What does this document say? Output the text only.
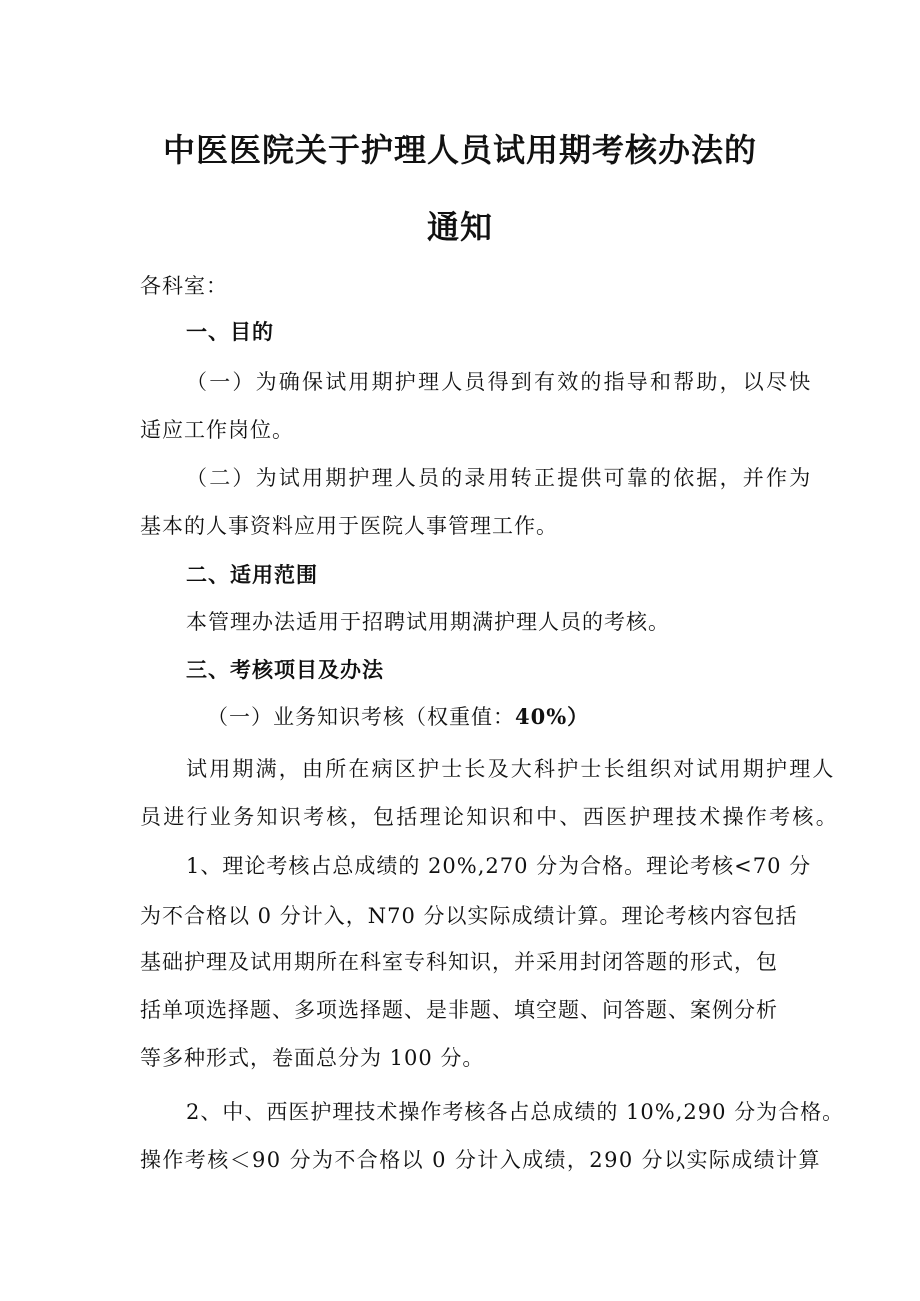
中医医院关于护理人员试用期考核办法的
通知
各科室：
一、目的
（一）为确保试用期护理人员得到有效的指导和帮助，以尽快
适应工作岗位。
（二）为试用期护理人员的录用转正提供可靠的依据，并作为
基本的人事资料应用于医院人事管理工作。
二、适用范围
本管理办法适用于招聘试用期满护理人员的考核。
三、考核项目及办法
（一）业务知识考核（权重值：40%）
试用期满，由所在病区护士长及大科护士长组织对试用期护理人
员进行业务知识考核，包括理论知识和中、西医护理技术操作考核。
1、理论考核占总成绩的 20%,270 分为合格。理论考核<70 分
为不合格以 0 分计入，N70 分以实际成绩计算。理论考核内容包括
基础护理及试用期所在科室专科知识，并采用封闭答题的形式，包
括单项选择题、多项选择题、是非题、填空题、问答题、案例分析
等多种形式，卷面总分为 100 分。
2、中、西医护理技术操作考核各占总成绩的 10%,290 分为合格。
操作考核＜90 分为不合格以 0 分计入成绩，290 分以实际成绩计算
